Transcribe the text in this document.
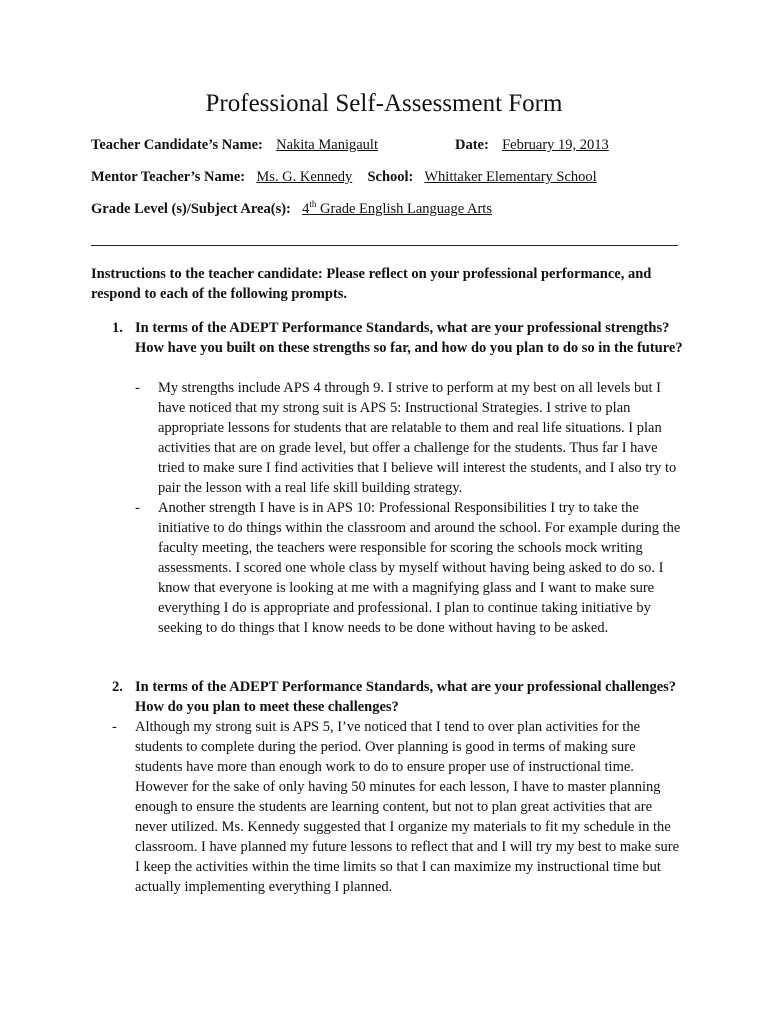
Professional Self-Assessment Form
Teacher Candidate’s Name: Nakita Manigault	Date: February 19, 2013
Mentor Teacher’s Name: Ms. G. Kennedy School: Whittaker Elementary School
Grade Level (s)/Subject Area(s): 4th Grade English Language Arts
Instructions to the teacher candidate: Please reflect on your professional performance, and respond to each of the following prompts.
1. In terms of the ADEPT Performance Standards, what are your professional strengths? How have you built on these strengths so far, and how do you plan to do so in the future?
- My strengths include APS 4 through 9. I strive to perform at my best on all levels but I have noticed that my strong suit is APS 5: Instructional Strategies. I strive to plan appropriate lessons for students that are relatable to them and real life situations. I plan activities that are on grade level, but offer a challenge for the students. Thus far I have tried to make sure I find activities that I believe will interest the students, and I also try to pair the lesson with a real life skill building strategy.
- Another strength I have is in APS 10: Professional Responsibilities I try to take the initiative to do things within the classroom and around the school. For example during the faculty meeting, the teachers were responsible for scoring the schools mock writing assessments. I scored one whole class by myself without having being asked to do so. I know that everyone is looking at me with a magnifying glass and I want to make sure everything I do is appropriate and professional. I plan to continue taking initiative by seeking to do things that I know needs to be done without having to be asked.
2. In terms of the ADEPT Performance Standards, what are your professional challenges? How do you plan to meet these challenges?
- Although my strong suit is APS 5, I’ve noticed that I tend to over plan activities for the students to complete during the period. Over planning is good in terms of making sure students have more than enough work to do to ensure proper use of instructional time. However for the sake of only having 50 minutes for each lesson, I have to master planning enough to ensure the students are learning content, but not to plan great activities that are never utilized. Ms. Kennedy suggested that I organize my materials to fit my schedule in the classroom. I have planned my future lessons to reflect that and I will try my best to make sure I keep the activities within the time limits so that I can maximize my instructional time but actually implementing everything I planned.
